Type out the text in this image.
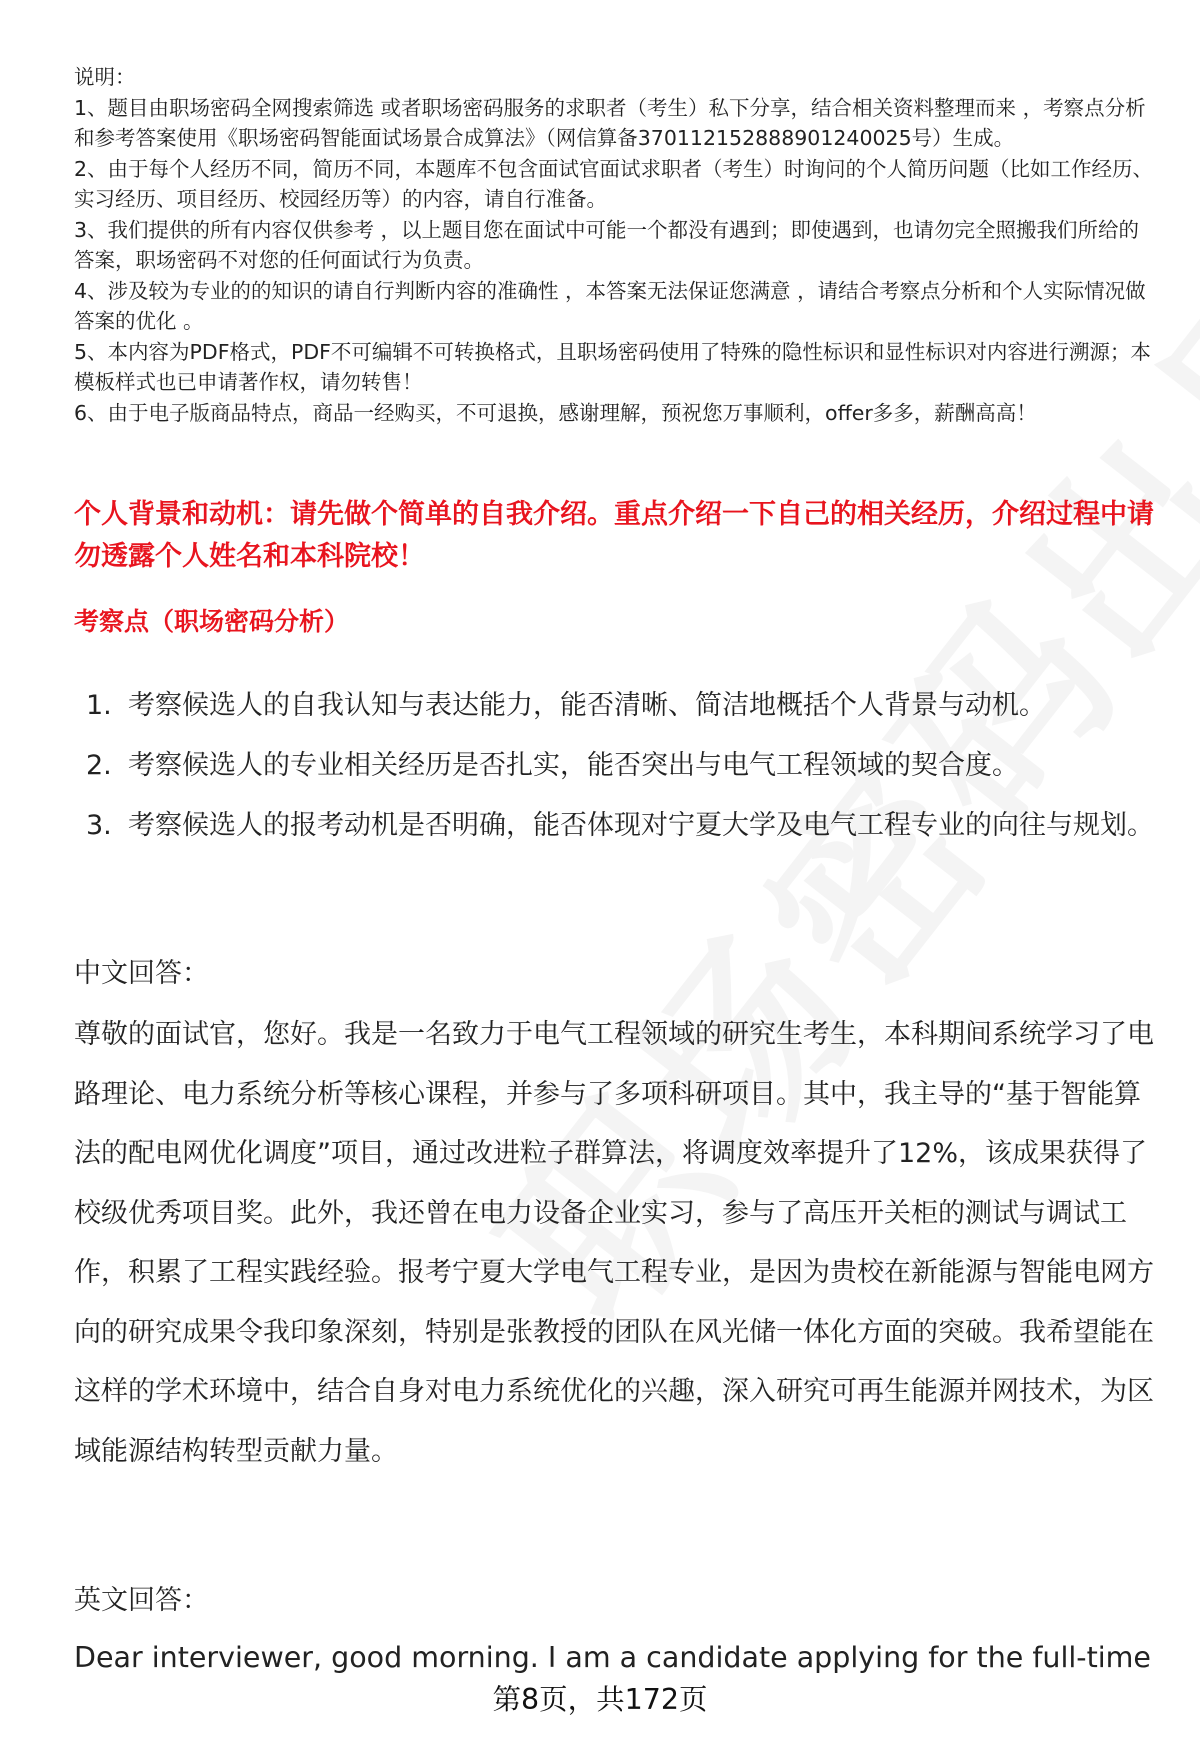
说明：
1、题目由职场密码全网搜索筛选 或者职场密码服务的求职者（考生）私下分享，结合相关资料整理而来 ，考察点分析和参考答案使用《职场密码智能面试场景合成算法》（网信算备370112152888901240025号）生成。
2、由于每个人经历不同，简历不同，本题库不包含面试官面试求职者（考生）时询问的个人简历问题（比如工作经历、实习经历、项目经历、校园经历等）的内容，请自行准备。
3、我们提供的所有内容仅供参考 ，以上题目您在面试中可能一个都没有遇到；即使遇到，也请勿完全照搬我们所给的答案，职场密码不对您的任何面试行为负责。
4、涉及较为专业的的知识的请自行判断内容的准确性 ，本答案无法保证您满意 ，请结合考察点分析和个人实际情况做答案的优化 。
5、本内容为PDF格式，PDF不可编辑不可转换格式，且职场密码使用了特殊的隐性标识和显性标识对内容进行溯源；本模板样式也已申请著作权，请勿转售！
6、由于电子版商品特点，商品一经购买，不可退换，感谢理解，预祝您万事顺利，offer多多，薪酬高高！
个人背景和动机：请先做个简单的自我介绍。重点介绍一下自己的相关经历，介绍过程中请勿透露个人姓名和本科院校！
考察点（职场密码分析）
1. 考察候选人的自我认知与表达能力，能否清晰、简洁地概括个人背景与动机。
2. 考察候选人的专业相关经历是否扎实，能否突出与电气工程领域的契合度。
3. 考察候选人的报考动机是否明确，能否体现对宁夏大学及电气工程专业的向往与规划。
中文回答：
尊敬的面试官，您好。我是一名致力于电气工程领域的研究生考生，本科期间系统学习了电路理论、电力系统分析等核心课程，并参与了多项科研项目。其中，我主导的“基于智能算法的配电网优化调度”项目，通过改进粒子群算法，将调度效率提升了12%，该成果获得了校级优秀项目奖。此外，我还曾在电力设备企业实习，参与了高压开关柜的测试与调试工作，积累了工程实践经验。报考宁夏大学电气工程专业，是因为贵校在新能源与智能电网方向的研究成果令我印象深刻，特别是张教授的团队在风光储一体化方面的突破。我希望能在这样的学术环境中，结合自身对电力系统优化的兴趣，深入研究可再生能源并网技术，为区域能源结构转型贡献力量。
英文回答：
Dear interviewer, good morning. I am a candidate applying for the full-time
第8页，共172页
